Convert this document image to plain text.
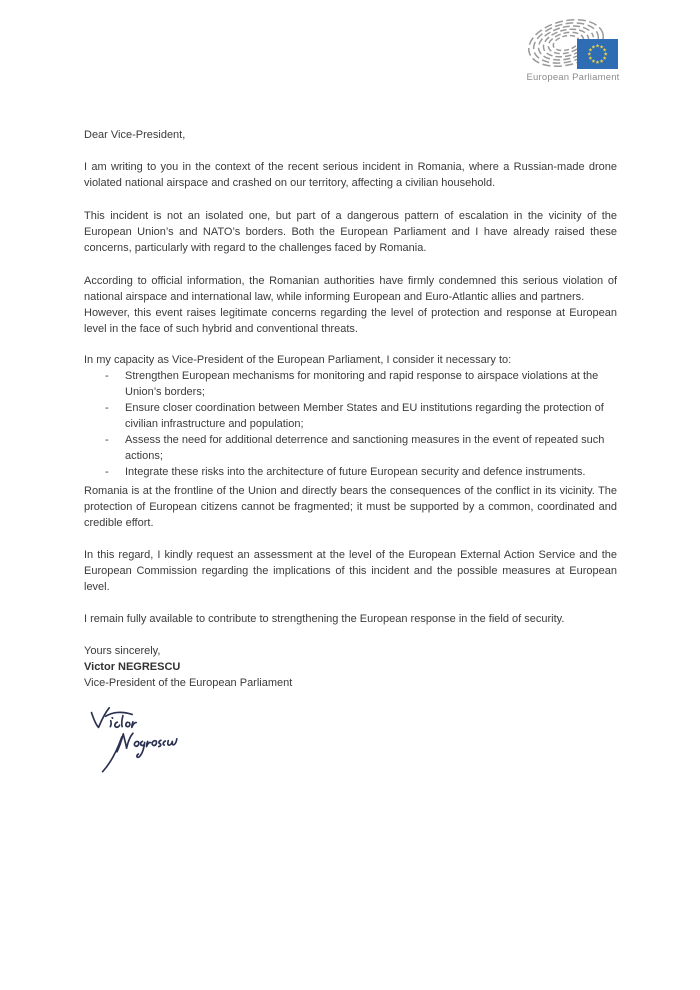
European Parliament

Dear Vice-President,

I am writing to you in the context of the recent serious incident in Romania, where a Russian-made drone violated national airspace and crashed on our territory, affecting a civilian household.

This incident is not an isolated one, but part of a dangerous pattern of escalation in the vicinity of the European Union’s and NATO’s borders. Both the European Parliament and I have already raised these concerns, particularly with regard to the challenges faced by Romania.

According to official information, the Romanian authorities have firmly condemned this serious violation of national airspace and international law, while informing European and Euro-Atlantic allies and partners.

However, this event raises legitimate concerns regarding the level of protection and response at European level in the face of such hybrid and conventional threats.

In my capacity as Vice-President of the European Parliament, I consider it necessary to:

-	Strengthen European mechanisms for monitoring and rapid response to airspace violations at the Union’s borders;
-	Ensure closer coordination between Member States and EU institutions regarding the protection of civilian infrastructure and population;
-	Assess the need for additional deterrence and sanctioning measures in the event of repeated such actions;
-	Integrate these risks into the architecture of future European security and defence instruments.

Romania is at the frontline of the Union and directly bears the consequences of the conflict in its vicinity. The protection of European citizens cannot be fragmented; it must be supported by a common, coordinated and credible effort.

In this regard, I kindly request an assessment at the level of the European External Action Service and the European Commission regarding the implications of this incident and the possible measures at European level.

I remain fully available to contribute to strengthening the European response in the field of security.

Yours sincerely,

Victor NEGRESCU

Vice-President of the European Parliament
